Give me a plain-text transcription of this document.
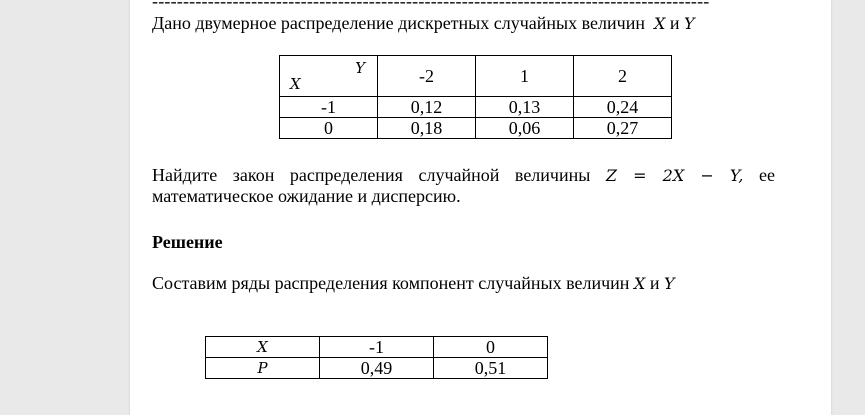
------------------------------------------------------------------------------------------
Дано двумерное распределение дискретных случайных величин X и Y
Y
X	-2	1	2
-1	0,12	0,13	0,24
0	0,18	0,06	0,27
Найдите закон распределения случайной величины Z = 2X − Y, ее
математическое ожидание и дисперсию.
Решение
Составим ряды распределения компонент случайных величин X и Y
X	-1	0
P	0,49	0,51
